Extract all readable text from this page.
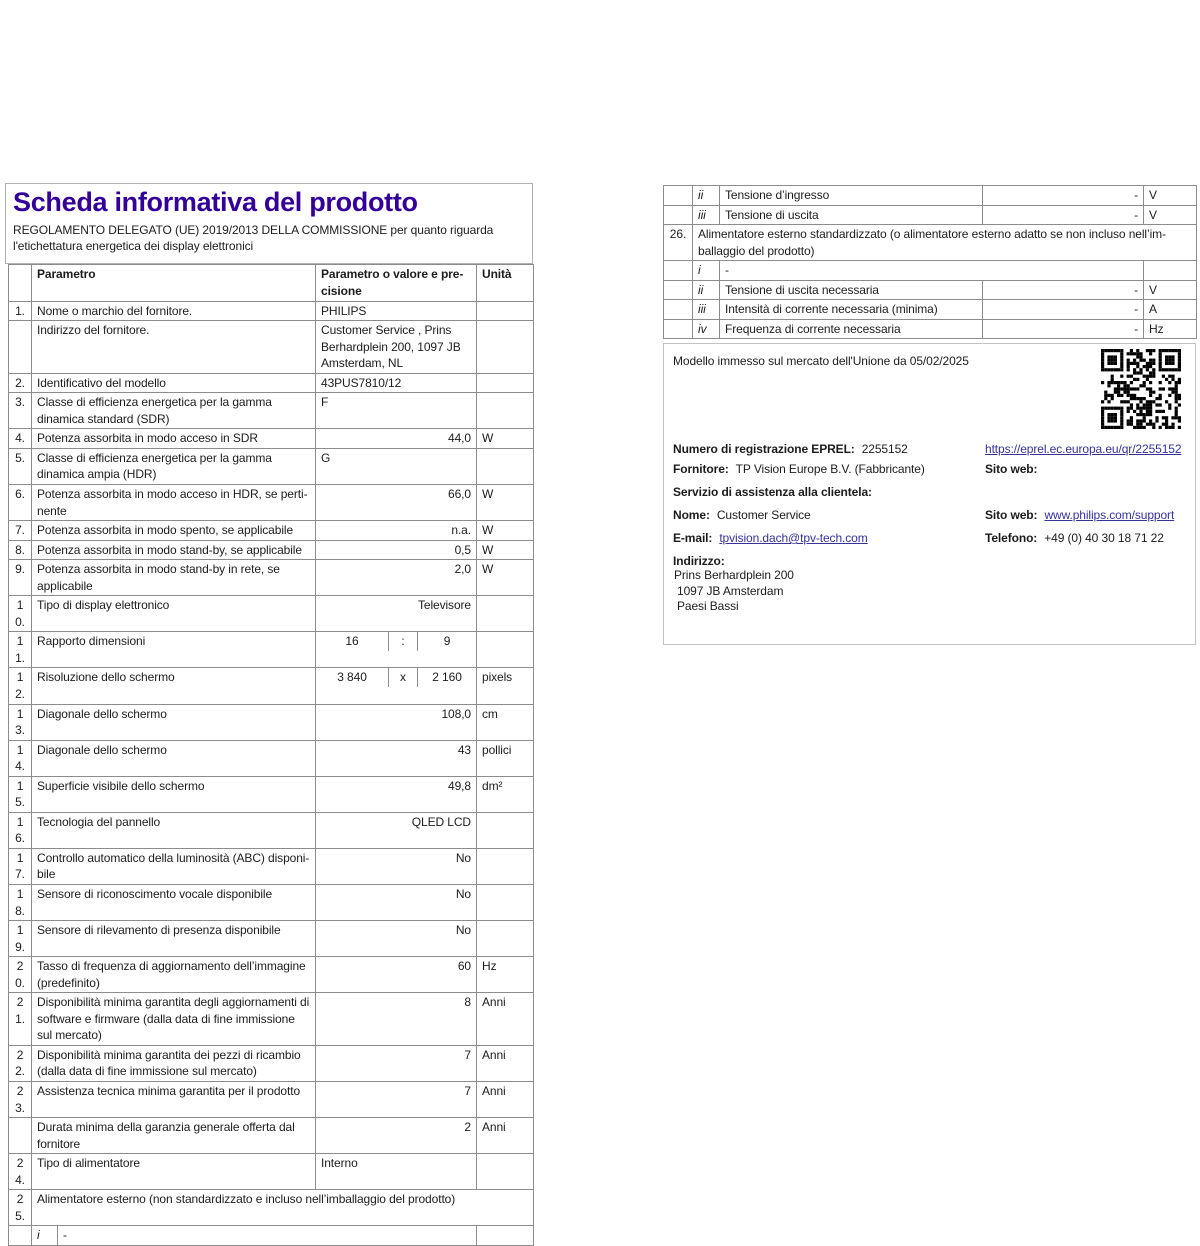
Scheda informativa del prodotto
REGOLAMENTO DELEGATO (UE) 2019/2013 DELLA COMMISSIONE per quanto riguarda l'etichettatura energetica dei display elettronici
	Parametro		Parametro o valore e precisione	Unità
1.	Nome o marchio del fornitore.		PHILIPS	
	Indirizzo del fornitore.		Customer Service , Prins Berhardplein 200, 1097 JB Amsterdam, NL	
2.	Identificativo del modello		43PUS7810/12	
3.	Classe di efficienza energetica per la gamma dinamica standard (SDR)		F	
4.	Potenza assorbita in modo acceso in SDR		44,0	W
5.	Classe di efficienza energetica per la gamma dinamica ampia (HDR)		G	
6.	Potenza assorbita in modo acceso in HDR, se pertinente		66,0	W
7.	Potenza assorbita in modo spento, se applicabile		n.a.	W
8.	Potenza assorbita in modo stand-by, se applicabile		0,5	W
9.	Potenza assorbita in modo stand-by in rete, se applicabile		2,0	W
10.	Tipo di display elettronico		Televisore	
11.	Rapporto dimensioni		16 : 9	

12.	Risoluzione dello schermo		3 840 x 2 160	pixels
13.	Diagonale dello schermo		108,0	cm
14.	Diagonale dello schermo		43	pollici
15.	Superficie visibile dello schermo		49,8	dm²
16.	Tecnologia del pannello		QLED LCD	
17.	Controllo automatico della luminosità (ABC) disponibile		No	
18.	Sensore di riconoscimento vocale disponibile		No	
19.	Sensore di rilevamento di presenza disponibile		No	
20.	Tasso di frequenza di aggiornamento dell’immagine (predefinito)		60	Hz
21.	Disponibilità minima garantita degli aggiornamenti di software e firmware (dalla data di fine immissione sul mercato)		8	Anni
22.	Disponibilità minima garantita dei pezzi di ricambio (dalla data di fine immissione sul mercato)		7	Anni
23.	Assistenza tecnica minima garantita per il prodotto		7	Anni
	Durata minima della garanzia generale offerta dal fornitore		2	Anni
24.	Tipo di alimentatore		Interno	
25.	Alimentatore esterno (non standardizzato e incluso nell’imballaggio del prodotto)			
	i	-		
	ii	Tensione d’ingresso	-	V
	iii	Tensione di uscita	-	V
26.	Alimentatore esterno standardizzato (o alimentatore esterno adatto se non incluso nell’imballaggio del prodotto)			
	i	-		
	ii	Tensione di uscita necessaria	-	V
	iii	Intensità di corrente necessaria (minima)	-	A
	iv	Frequenza di corrente necessaria	-	Hz
Modello immesso sul mercato dell'Unione da 05/02/2025
Numero di registrazione EPREL: 2255152	https://eprel.ec.europa.eu/qr/2255152
Fornitore: TP Vision Europe B.V. (Fabbricante)	Sito web:
Servizio di assistenza alla clientela:
Nome: Customer Service	Sito web: www.philips.com/support
E-mail: tpvision.dach@tpv-tech.com	Telefono: +49 (0) 40 30 18 71 22
Indirizzo:
Prins Berhardplein 200
1097 JB Amsterdam
Paesi Bassi
